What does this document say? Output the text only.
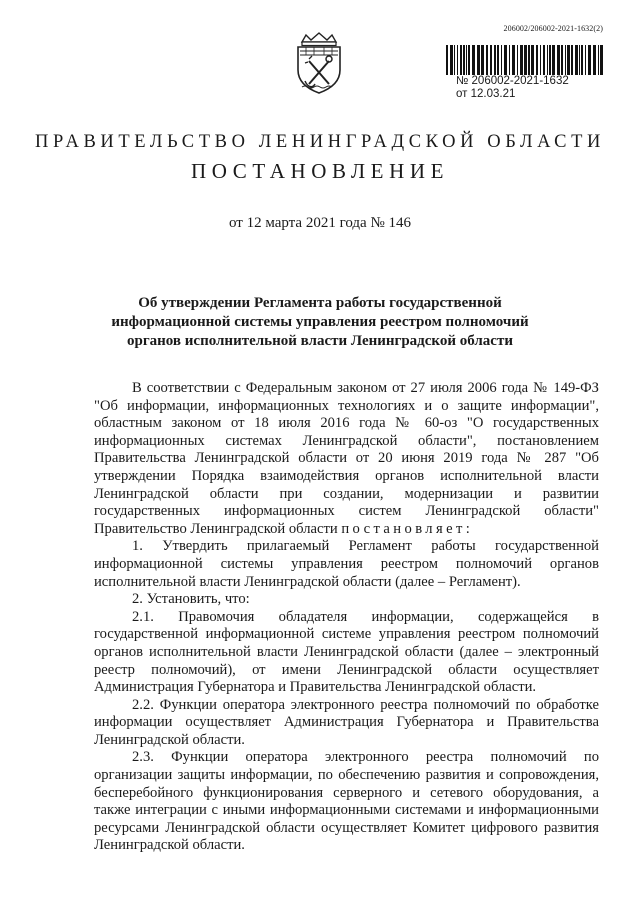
206002/206002-2021-1632(2)
№ 206002-2021-1632
от 12.03.21
ПРАВИТЕЛЬСТВО ЛЕНИНГРАДСКОЙ ОБЛАСТИ
ПОСТАНОВЛЕНИЕ
от 12 марта 2021 года № 146
Об утверждении Регламента работы государственной
информационной системы управления реестром полномочий
органов исполнительной власти Ленинградской области

В соответствии с Федеральным законом от 27 июля 2006 года № 149-ФЗ "Об информации, информационных технологиях и о защите информации", областным законом от 18 июля 2016 года № 60-оз "О государственных информационных системах Ленинградской области", постановлением Правительства Ленинградской области от 20 июня 2019 года № 287 "Об утверждении Порядка взаимодействия органов исполнительной власти Ленинградской области при создании, модернизации и развитии государственных информационных систем Ленинградской области" Правительство Ленинградской области постановляет:

1. Утвердить прилагаемый Регламент работы государственной информационной системы управления реестром полномочий органов исполнительной власти Ленинградской области (далее – Регламент).

2. Установить, что:

2.1. Правомочия обладателя информации, содержащейся в государственной информационной системе управления реестром полномочий органов исполнительной власти Ленинградской области (далее – электронный реестр полномочий), от имени Ленинградской области осуществляет Администрация Губернатора и Правительства Ленинградской области.

2.2. Функции оператора электронного реестра полномочий по обработке информации осуществляет Администрация Губернатора и Правительства Ленинградской области.

2.3. Функции оператора электронного реестра полномочий по организации защиты информации, по обеспечению развития и сопровождения, бесперебойного функционирования серверного и сетевого оборудования, а также интеграции с иными информационными системами и информационными ресурсами Ленинградской области осуществляет Комитет цифрового развития Ленинградской области.
